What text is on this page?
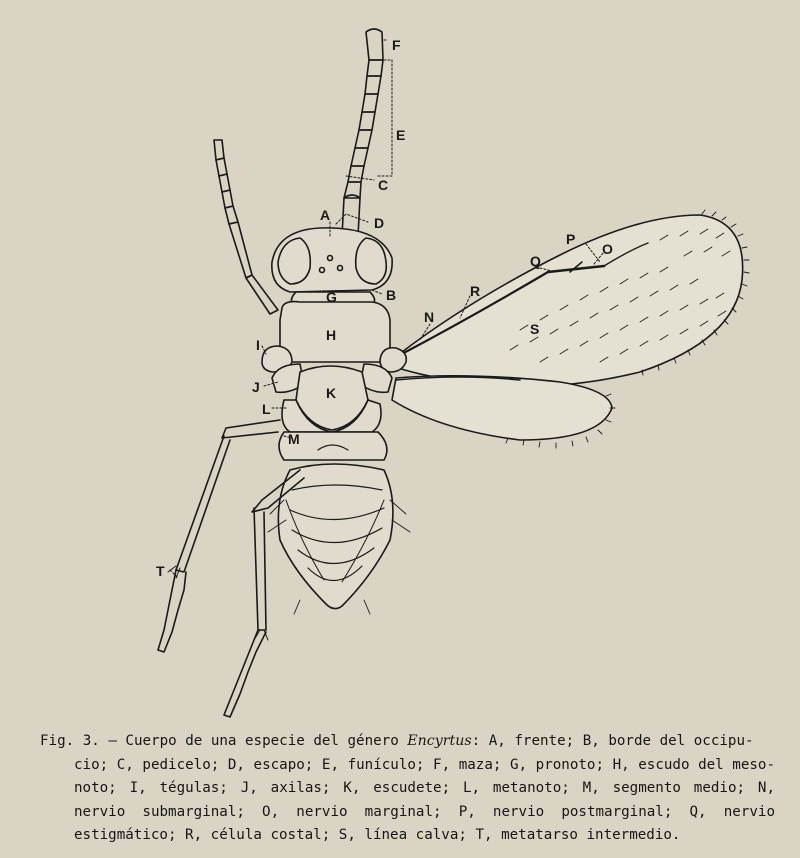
F
E
C
A	D
G	B
H
I
J	K
L
M
N
R
S
Q
P
O
T
Fig. 3. — Cuerpo de una especie del género Encyrtus: A, frente; B, borde del occipu-
cio; C, pedicelo; D, escapo; E, funículo; F, maza; G, pronoto; H, escudo del meso- noto; I, tégulas; J, axilas; K, escudete; L, metanoto; M, segmento medio; N, nervio submarginal; O, nervio marginal; P, nervio postmarginal; Q, nervio estigmático; R, célula costal; S, línea calva; T, metatarso intermedio.
